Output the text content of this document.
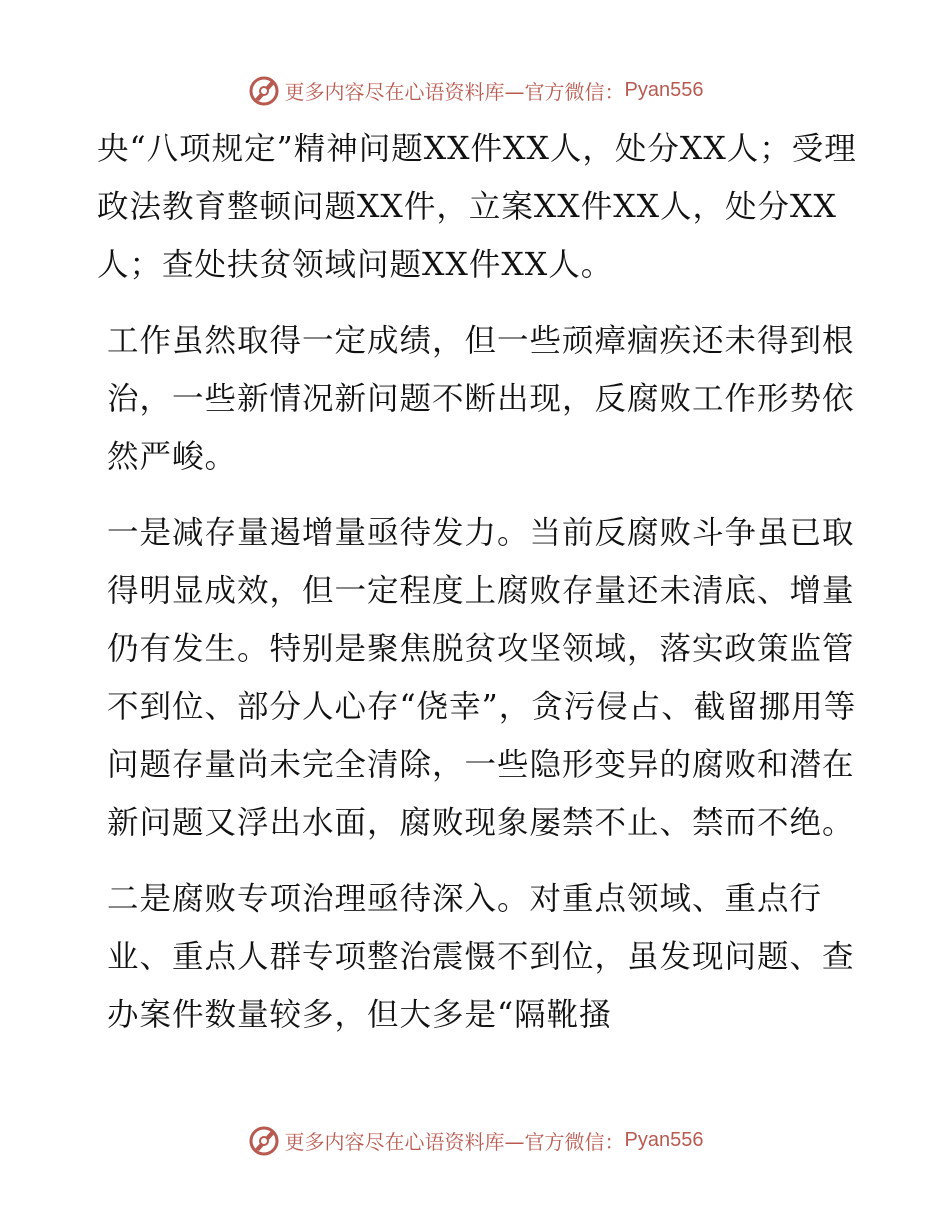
更多内容尽在心语资料库—官方微信： Pyan556

央“八项规定”精神问题XX件XX人，处分XX人；受理政法教育整顿问题XX件，立案XX件XX人，处分XX人；查处扶贫领域问题XX件XX人。

工作虽然取得一定成绩，但一些顽瘴痼疾还未得到根治，一些新情况新问题不断出现，反腐败工作形势依然严峻。

一是减存量遏增量亟待发力。当前反腐败斗争虽已取得明显成效，但一定程度上腐败存量还未清底、增量仍有发生。特别是聚焦脱贫攻坚领域，落实政策监管不到位、部分人心存“侥幸”，贪污侵占、截留挪用等问题存量尚未完全清除，一些隐形变异的腐败和潜在新问题又浮出水面，腐败现象屡禁不止、禁而不绝。

二是腐败专项治理亟待深入。对重点领域、重点行业、重点人群专项整治震慑不到位，虽发现问题、查办案件数量较多，但大多是“隔靴搔

更多内容尽在心语资料库—官方微信： Pyan556
